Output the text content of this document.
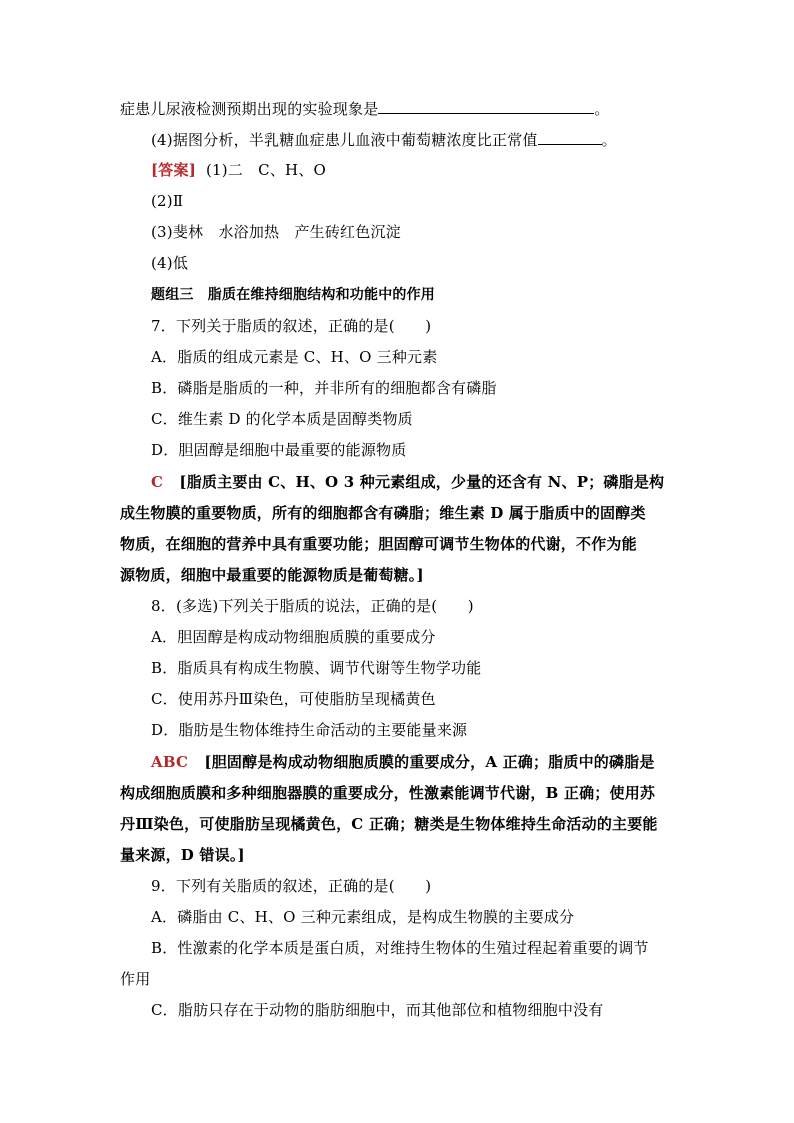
症患儿尿液检测预期出现的实验现象是	。
(4)据图分析，半乳糖血症患儿血液中葡萄糖浓度比正常值	。
[答案] (1)二　C、H、O
(2)Ⅱ
(3)斐林　水浴加热　产生砖红色沉淀
(4)低
题组三　脂质在维持细胞结构和功能中的作用
7．下列关于脂质的叙述，正确的是(　　)
A．脂质的组成元素是 C、H、O 三种元素
B．磷脂是脂质的一种，并非所有的细胞都含有磷脂
C．维生素 D 的化学本质是固醇类物质
D．胆固醇是细胞中最重要的能源物质
C [脂质主要由 C、H、O 3 种元素组成，少量的还含有 N、P；磷脂是构
成生物膜的重要物质，所有的细胞都含有磷脂；维生素 D 属于脂质中的固醇类
物质，在细胞的营养中具有重要功能；胆固醇可调节生物体的代谢，不作为能
源物质，细胞中最重要的能源物质是葡萄糖。]
8．(多选)下列关于脂质的说法，正确的是(　　)
A．胆固醇是构成动物细胞质膜的重要成分
B．脂质具有构成生物膜、调节代谢等生物学功能
C．使用苏丹Ⅲ染色，可使脂肪呈现橘黄色
D．脂肪是生物体维持生命活动的主要能量来源
ABC [胆固醇是构成动物细胞质膜的重要成分，A 正确；脂质中的磷脂是
构成细胞质膜和多种细胞器膜的重要成分，性激素能调节代谢，B 正确；使用苏
丹Ⅲ染色，可使脂肪呈现橘黄色，C 正确；糖类是生物体维持生命活动的主要能
量来源，D 错误。]
9．下列有关脂质的叙述，正确的是(　　)
A．磷脂由 C、H、O 三种元素组成，是构成生物膜的主要成分
B．性激素的化学本质是蛋白质，对维持生物体的生殖过程起着重要的调节
作用
C．脂肪只存在于动物的脂肪细胞中，而其他部位和植物细胞中没有
